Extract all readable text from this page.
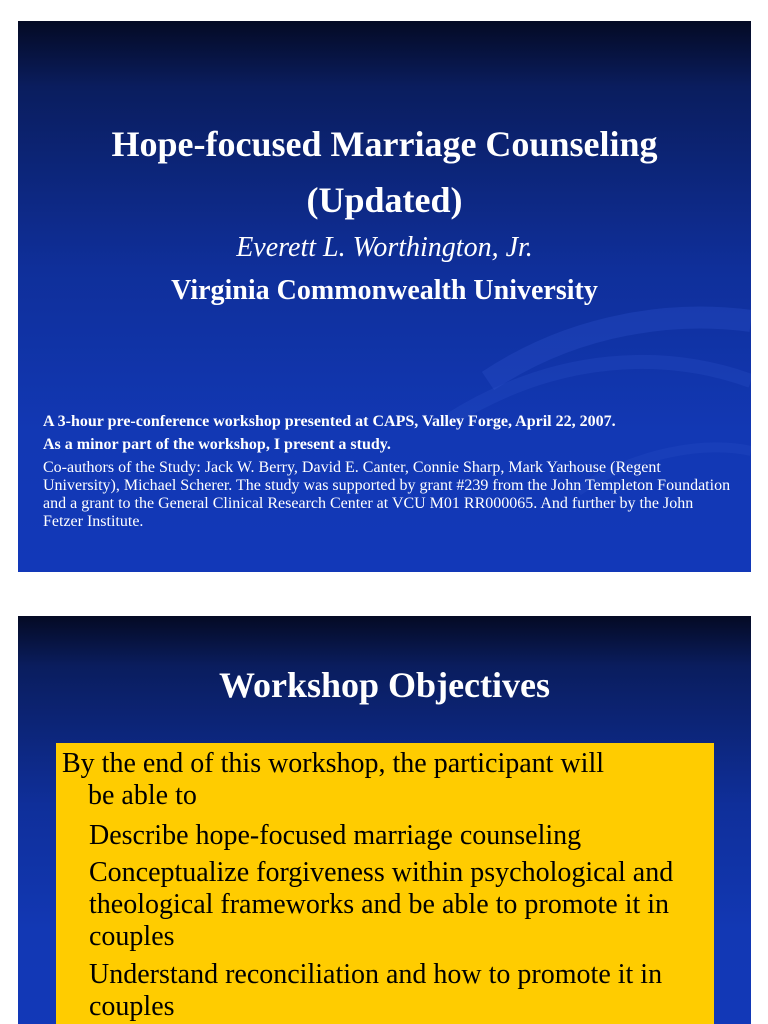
Hope-focused Marriage Counseling
(Updated)
Everett L. Worthington, Jr.
Virginia Commonwealth University
A 3-hour pre-conference workshop presented at CAPS, Valley Forge, April 22, 2007.
As a minor part of the workshop, I present a study.
Co-authors of the Study: Jack W. Berry, David E. Canter, Connie Sharp, Mark Yarhouse (Regent University), Michael Scherer. The study was supported by grant #239 from the John Templeton Foundation and a grant to the General Clinical Research Center at VCU M01 RR000065. And further by the John Fetzer Institute.
Workshop Objectives
By the end of this workshop, the participant will
be able to
Describe hope-focused marriage counseling
Conceptualize forgiveness within psychological and theological frameworks and be able to promote it in couples
Understand reconciliation and how to promote it in couples
